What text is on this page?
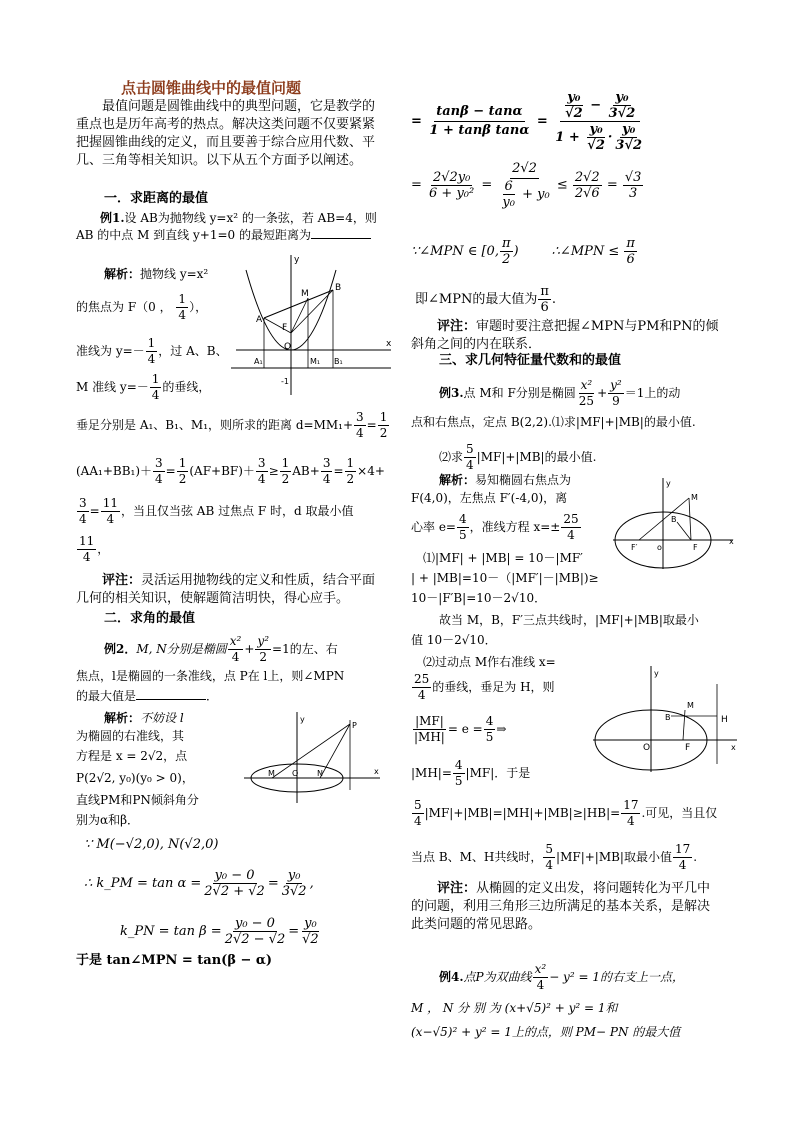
点击圆锥曲线中的最值问题

最值问题是圆锥曲线中的典型问题，它是教学的重点也是历年高考的热点。解决这类问题不仅要紧紧把握圆锥曲线的定义，而且要善于综合应用代数、平几、三角等相关知识。以下从五个方面予以阐述。

一．求距离的最值
例1.设 AB为抛物线 y=x² 的一条弦，若 AB=4，则 AB 的中点 M 到直线 y+1=0 的最短距离为
解析：抛物线 y=x²
的焦点为 F（0 ， $\frac{1}{4}$ ），
准线为 $y=- \frac{1}{4}$ ，过 A、B、
M 准线 $y=- \frac{1}{4}$ 的垂线，
垂足分别是 A₁、B₁、M₁，则所求的距离 $d=MM_1+ \frac{3}{4} = \frac{1}{2}$
$(AA_1+BB_1)+ \frac{3}{4} = \frac{1}{2} (AF+BF)+ \frac{3}{4} \ge \frac{1}{2} AB+ \frac{3}{4} = \frac{1}{2} \times 4+$
$\frac{3}{4} = \frac{11}{4}$ ，当且仅当弦 AB 过焦点 F 时，d 取最小值
$\frac{11}{4}$ ，

评注：灵活运用抛物线的定义和性质，结合平面几何的相关知识，使解题简洁明快，得心应手。

二．求角的最值
例2．M, N分别是椭圆 $\frac{\text{x²}}{4} + \frac{\text{y²}}{2} =1$的左、右
焦点，l是椭圆的一条准线，点 P在 l上，则∠MPN
的最大值是	．
解析：不妨设 l
为椭圆的右准线，其
方程是 x = 2√2，点
P(2√2, y₀)(y₀ > 0)，
直线PM和PN倾斜角分
别为α和β．
∵ M(−√2,0), N(√2,0)
∴ k_PM = $\tan \alpha = \frac{\text{y₀ − 0}}{2√2 + √2} = \frac{\text{y₀}}{3√2}$ ,
k_PN = $\tan \beta = \frac{\text{y₀ − 0}}{2√2 - √2} = \frac{\text{y₀}}{√2}$
于是 tan∠MPN = tan(β − α)
y
x
A
B
M
F
O
A₁	M₁ B₁
-1
y
x
P
M O N
= $\frac{\tan\beta - \tan\alpha}{\text{1 + tanβ tanα}} = \frac{\frac{\text{y₀}}{√2} - \frac{\text{y₀}}{3√2}}{1 + \frac{\text{y₀}}{√2} \cdot \frac{\text{y₀}}{3√2}}$
= $\frac{\text{2√2y₀}}{\text{6 + y₀²}} = \frac{2√2}{\frac{6}{\text{y₀}} + y_0} \le \frac{2√2}{2√6} = \frac{√3}{3}$
∵∠MPN ∈ [0, $\frac{\pi}{2}$ )        ∴∠MPN ≤ $\frac{\pi}{6}$
即∠MPN的最大值为 $\frac{\pi}{6}$ .

评注：审题时要注意把握∠MPN与PM和PN的倾斜角之间的内在联系．

三、求几何特征量代数和的最值
例3.点 M和 F分别是椭圆 $\frac{\text{x²}}{25} + \frac{\text{y²}}{9} =1$上的动
点和右焦点，定点 B(2,2).⑴求|MF|+|MB|的最小值.
⑵求 $\frac{5}{4} |MF|+|MB|$的最小值.
解析：易知椭圆右焦点为
F(4,0)，左焦点 F′(-4,0)，离
心率 $e= \frac{4}{5}$ ，准线方程 $x=\pm \frac{25}{4}$
⑴|MF| + |MB| = 10－|MF′
| + |MB|=10－（|MF′|－|MB|)≥
10－|F′B|=10－2√10．
故当 M，B，F′三点共线时，|MF|+|MB|取最小
值 10－2√10．
⑵过动点 M作右准线 x=
$\frac{25}{4}$ 的垂线，垂足为 H，则
$\frac{|MF|}{|MH|} = e = \frac{4}{5}$ ⇒
$|MH|= \frac{4}{5} |MF|$．于是
$\frac{5}{4} |MF|+|MB|=|MH|+|MB|\ge|HB|= \frac{17}{4}$ .可见，当且仅
当点 B、M、H共线时， $\frac{5}{4} |MF|+|MB|$取最小值 $\frac{17}{4}$ .

评注：从椭圆的定义出发，将问题转化为平几中的问题，利用三角形三边所满足的基本关系，是解决此类问题的常见思路。

例4.点P为双曲线 $\frac{\text{x²}}{4} - y^2 = 1$的右支上一点，
M ， N 分 别 为 (x+√5)² + y² = 1和
(x−√5)² + y² = 1上的点，则 PM− PN 的最大值
y
x
M
B
F′ o	F
y
x
M
B	H
O	F
